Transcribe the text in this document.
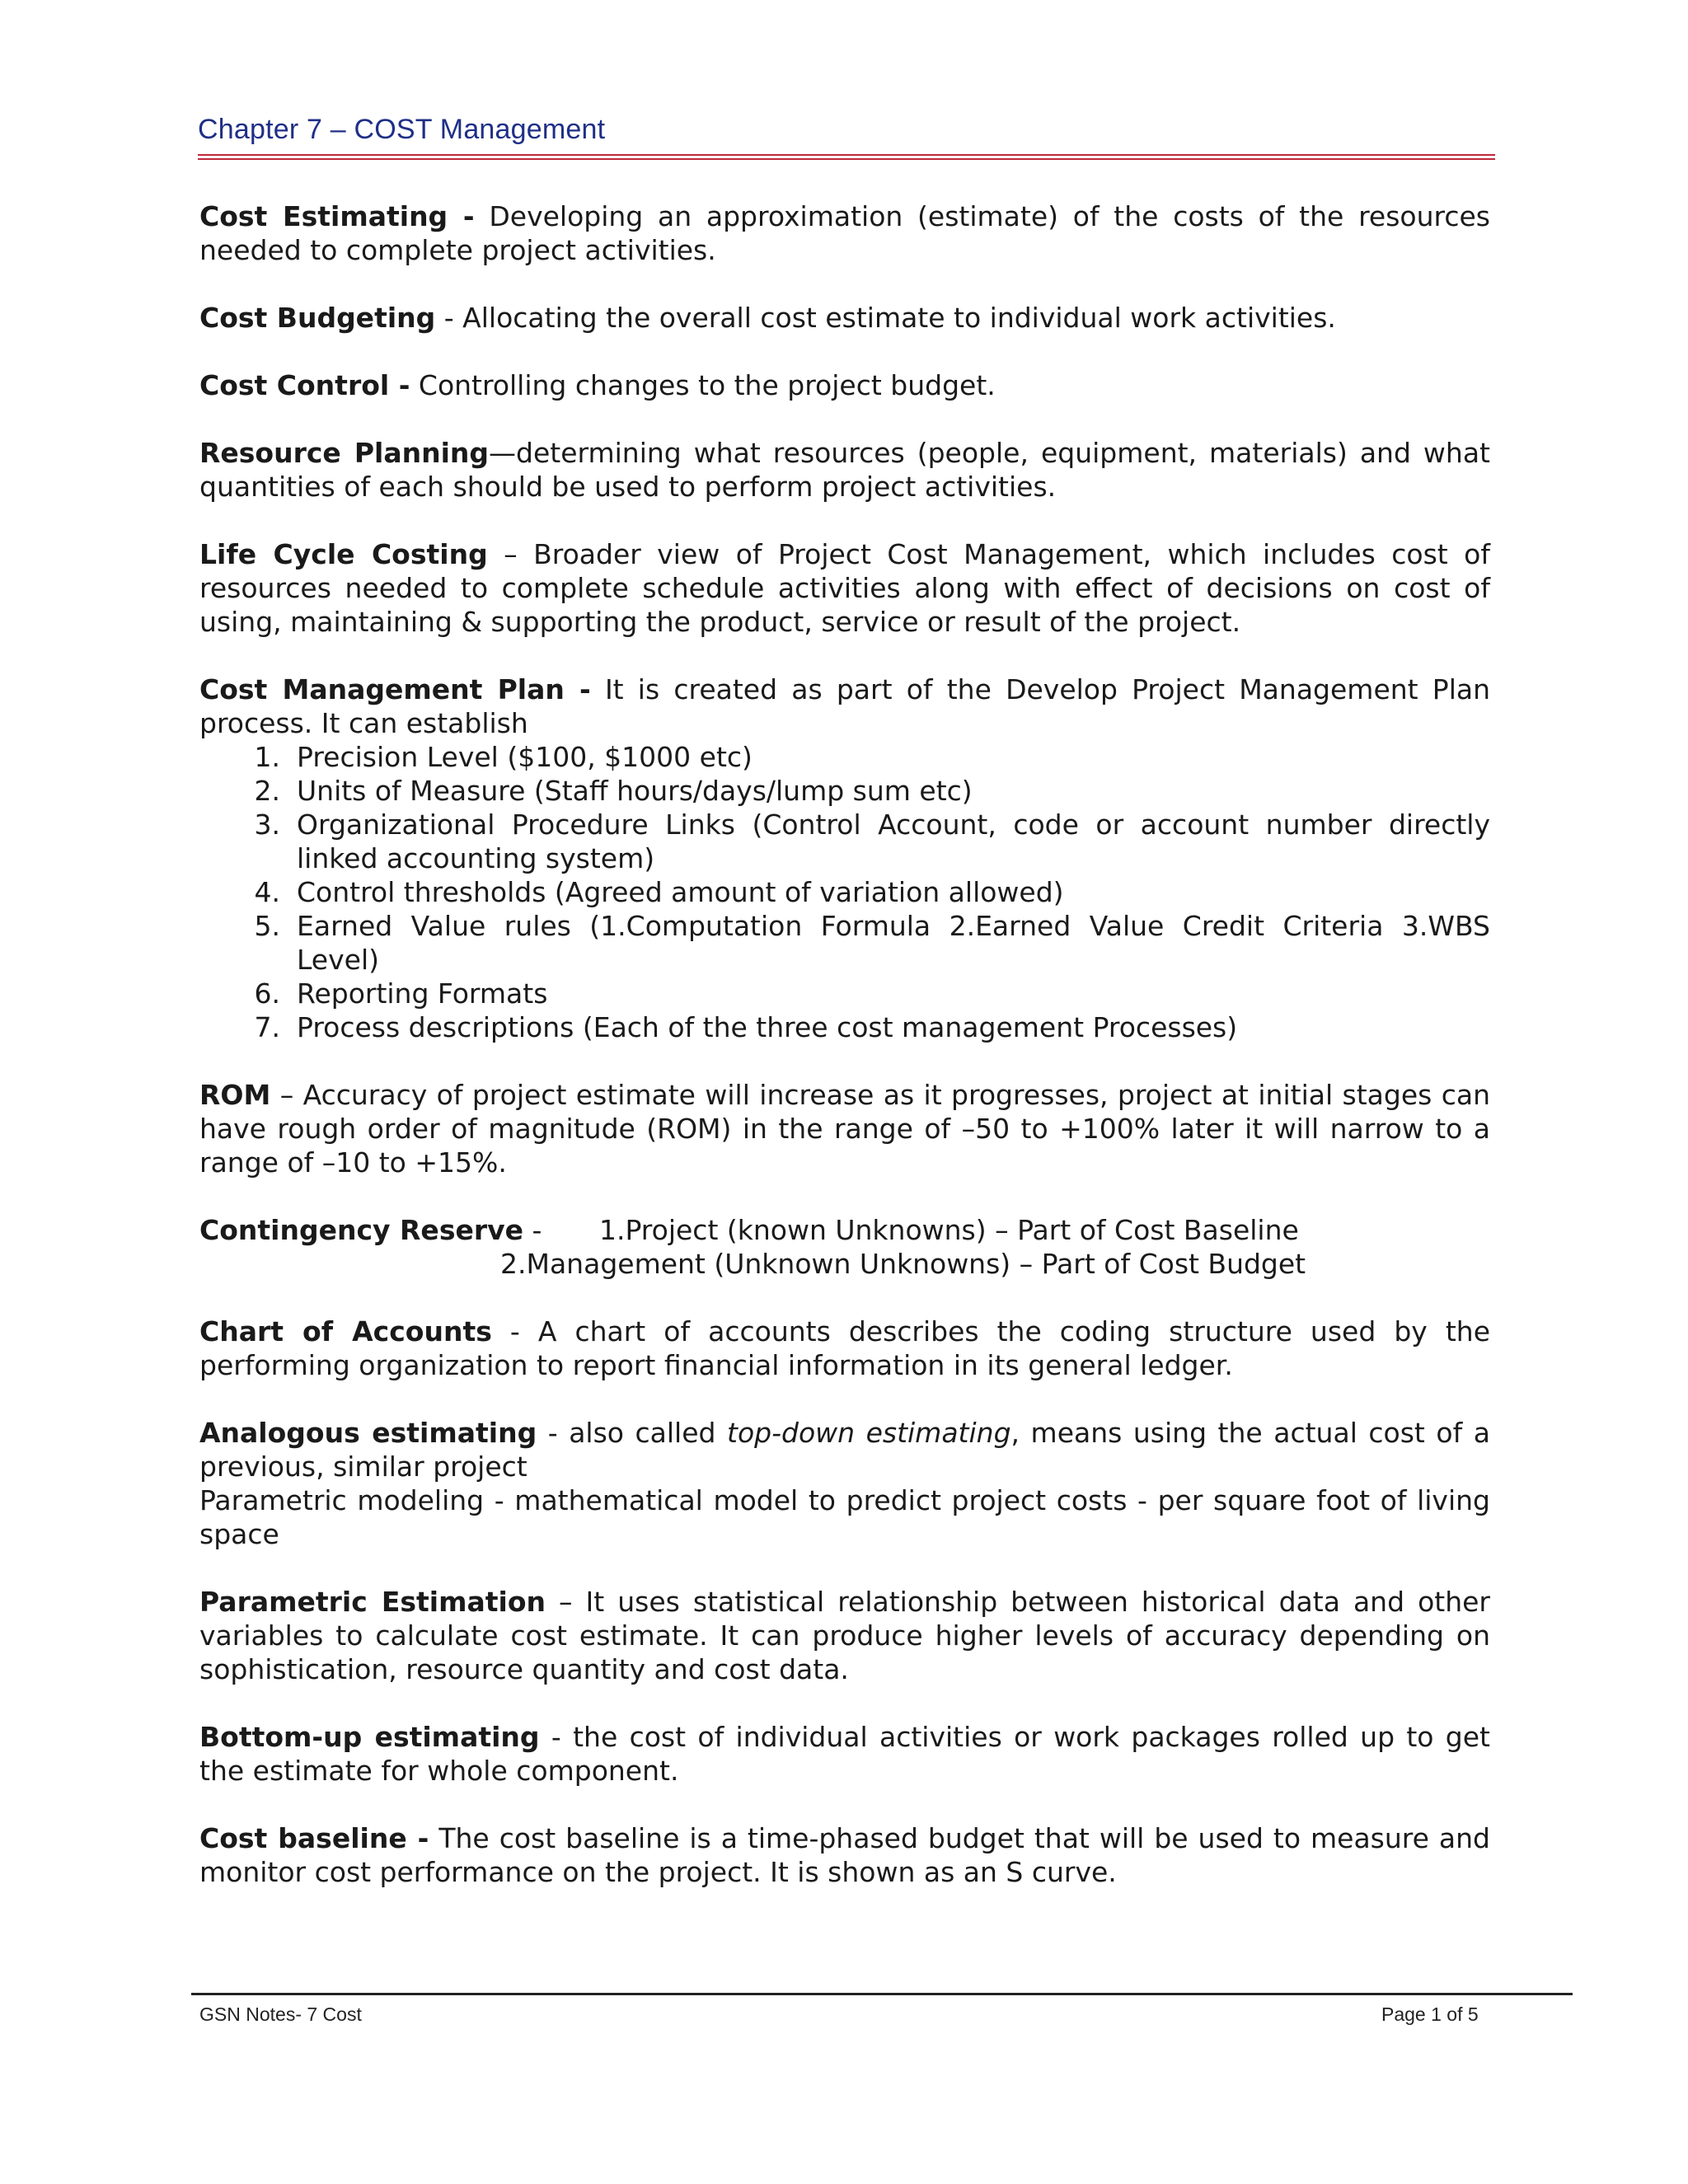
Chapter 7 – COST Management

Cost Estimating - Developing an approximation (estimate) of the costs of the resources needed to complete project activities.

Cost Budgeting - Allocating the overall cost estimate to individual work activities.

Cost Control - Controlling changes to the project budget.

Resource Planning—determining what resources (people, equipment, materials) and what quantities of each should be used to perform project activities.

Life Cycle Costing – Broader view of Project Cost Management, which includes cost of resources needed to complete schedule activities along with effect of decisions on cost of using, maintaining & supporting the product, service or result of the project.

Cost Management Plan - It is created as part of the Develop Project Management Plan process. It can establish

1. Precision Level ($100, $1000 etc)
2. Units of Measure (Staff hours/days/lump sum etc)
3. Organizational Procedure Links (Control Account, code or account number directly linked accounting system)
4. Control thresholds (Agreed amount of variation allowed)
5. Earned Value rules (1.Computation Formula 2.Earned Value Credit Criteria 3.WBS Level)
6. Reporting Formats
7. Process descriptions (Each of the three cost management Processes)

ROM – Accuracy of project estimate will increase as it progresses, project at initial stages can have rough order of magnitude (ROM) in the range of –50 to +100% later it will narrow to a range of –10 to +15%.

Contingency Reserve -	1.Project (known Unknowns) – Part of Cost Baseline
2.Management (Unknown Unknowns) – Part of Cost Budget

Chart of Accounts - A chart of accounts describes the coding structure used by the performing organization to report financial information in its general ledger.

Analogous estimating - also called top-down estimating, means using the actual cost of a previous, similar project
Parametric modeling - mathematical model to predict project costs - per square foot of living space

Parametric Estimation – It uses statistical relationship between historical data and other variables to calculate cost estimate. It can produce higher levels of accuracy depending on sophistication, resource quantity and cost data.

Bottom-up estimating - the cost of individual activities or work packages rolled up to get the estimate for whole component.

Cost baseline - The cost baseline is a time-phased budget that will be used to measure and monitor cost performance on the project. It is shown as an S curve.

GSN Notes- 7 Cost	Page 1 of 5
